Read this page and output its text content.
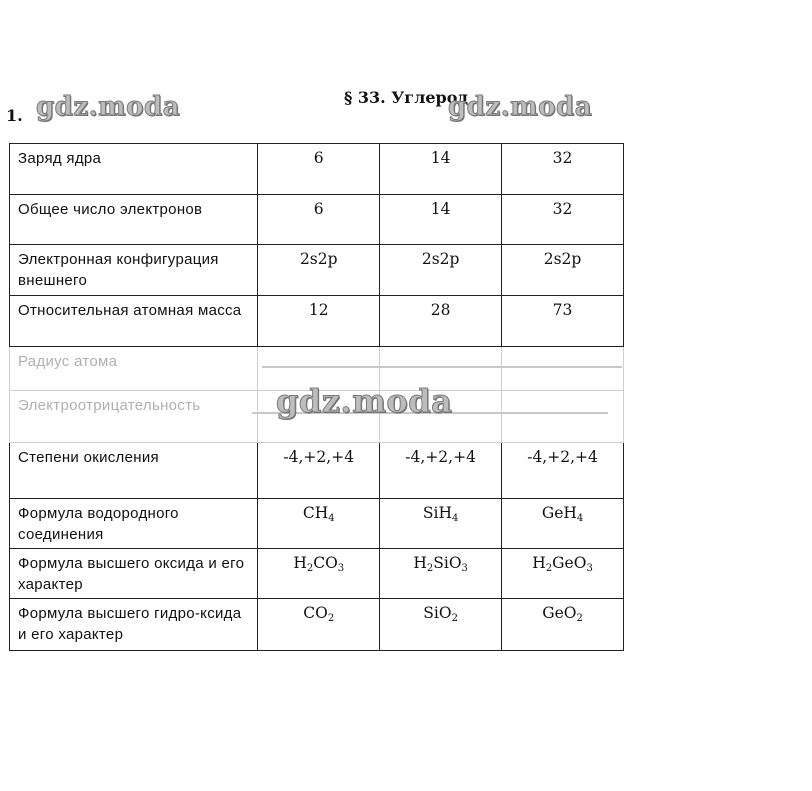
§ 33. Углерод
1. gdz.moda	gdz.moda
gdz.moda
Заряд ядра	6	14	32
Общее число электронов	6	14	32
Электронная конфигурация внешнего	2s2p	2s2p	2s2p
Относительная атомная масса	12	28	73
Радиус атома			
Электроотрицательность			
Степени окисления	-4,+2,+4	-4,+2,+4	-4,+2,+4
Формула водородного соединения	$CH_4$	SiH$_4$	GeH$_4$
Формула высшего оксида и его характер	$H_2CO_3$	$H_2SiO_3$	$H_2GeO_3$
Формула высшего гидро-ксида и его характер	$CO_2$	SiO$_2$	GeO$_2$
